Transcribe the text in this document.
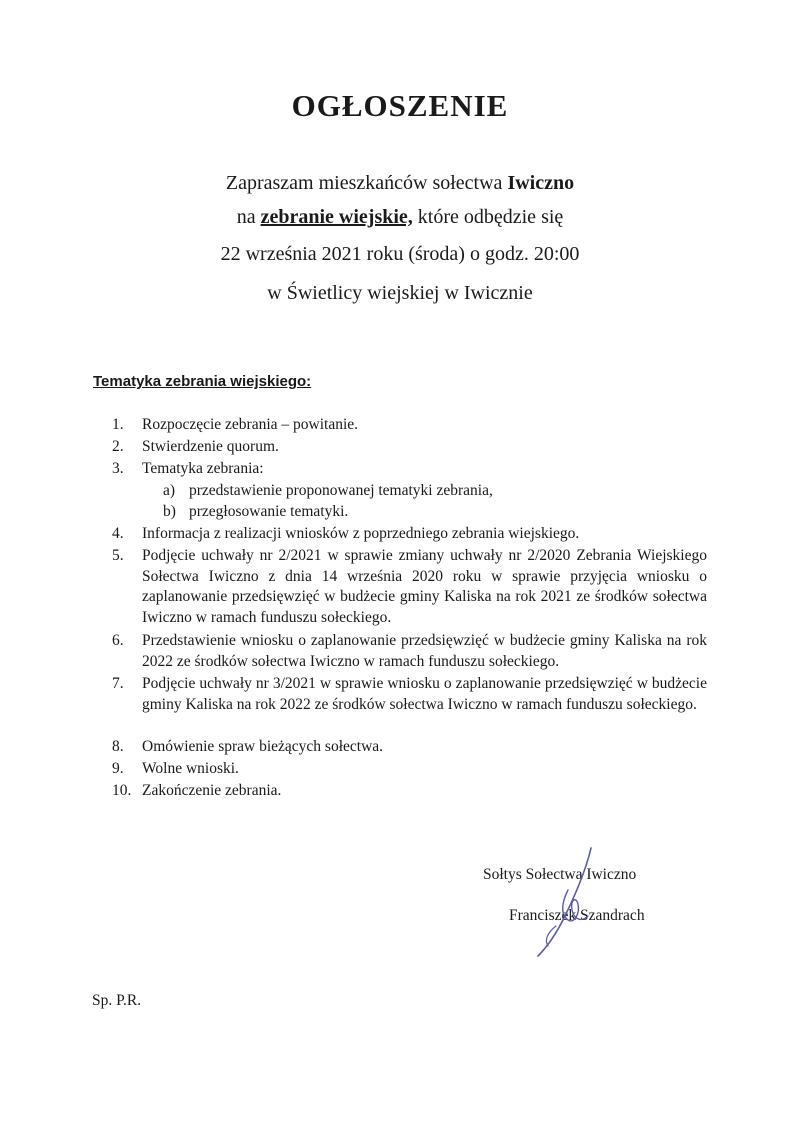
OGŁOSZENIE
Zapraszam mieszkańców sołectwa Iwiczno
na zebranie wiejskie, które odbędzie się
22 września 2021 roku (środa) o godz. 20:00
w Świetlicy wiejskiej w Iwicznie
Tematyka zebrania wiejskiego:
1. Rozpoczęcie zebrania – powitanie.
2. Stwierdzenie quorum.
3. Tematyka zebrania:
a) przedstawienie proponowanej tematyki zebrania,
b) przegłosowanie tematyki.
4. Informacja z realizacji wniosków z poprzedniego zebrania wiejskiego.
5. Podjęcie uchwały nr 2/2021 w sprawie zmiany uchwały nr 2/2020 Zebrania Wiejskiego Sołectwa Iwiczno z dnia 14 września 2020 roku w sprawie przyjęcia wniosku o zaplanowanie przedsięwzięć w budżecie gminy Kaliska na rok 2021 ze środków sołectwa Iwiczno w ramach funduszu sołeckiego.
6. Przedstawienie wniosku o zaplanowanie przedsięwzięć w budżecie gminy Kaliska na rok 2022 ze środków sołectwa Iwiczno w ramach funduszu sołeckiego.
7. Podjęcie uchwały nr 3/2021 w sprawie wniosku o zaplanowanie przedsięwzięć w budżecie gminy Kaliska na rok 2022 ze środków sołectwa Iwiczno w ramach funduszu sołeckiego.
8. Omówienie spraw bieżących sołectwa.
9. Wolne wnioski.
10. Zakończenie zebrania.
Sołtys Sołectwa Iwiczno
Franciszek Szandrach
Sp. P.R.
